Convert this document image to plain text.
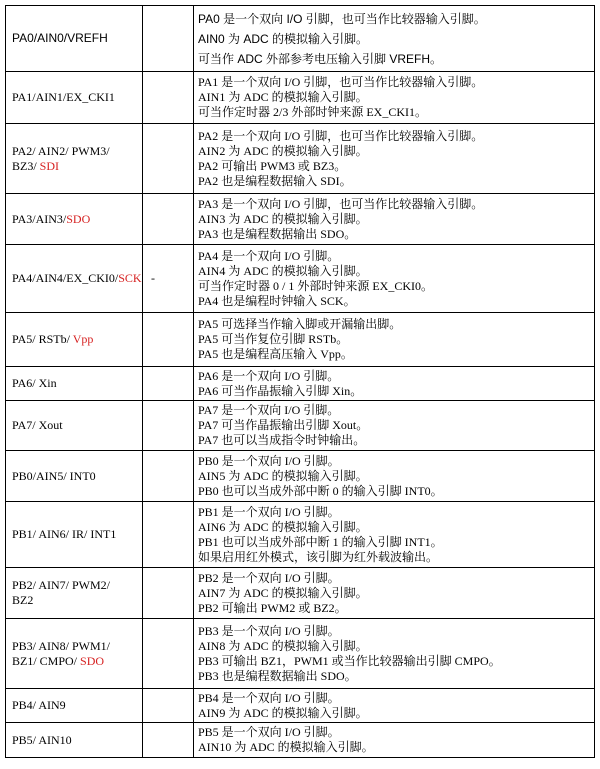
PA0/AIN0/VREFH		PA0 是一个双向 I/O 引脚，也可当作比较器输入引脚。
AIN0 为 ADC 的模拟输入引脚。
可当作 ADC 外部参考电压输入引脚 VREFH。

PA1/AIN1/EX_CKI1		PA1 是一个双向 I/O 引脚，也可当作比较器输入引脚。
AIN1 为 ADC 的模拟输入引脚。
可当作定时器 2/3 外部时钟来源 EX_CKI1。

PA2/ AIN2/ PWM3/
BZ3/ SDI		PA2 是一个双向 I/O 引脚，也可当作比较器输入引脚。
AIN2 为 ADC 的模拟输入引脚。
PA2 可输出 PWM3 或 BZ3。
PA2 也是编程数据输入 SDI。

PA3/AIN3/SDO		PA3 是一个双向 I/O 引脚，也可当作比较器输入引脚。
AIN3 为 ADC 的模拟输入引脚。
PA3 也是编程数据输出 SDO。

PA4/AIN4/EX_CKI0/SCK	-	PA4 是一个双向 I/O 引脚。
AIN4 为 ADC 的模拟输入引脚。
可当作定时器 0 / 1 外部时钟来源 EX_CKI0。
PA4 也是编程时钟输入 SCK。

PA5/ RSTb/ Vpp		PA5 可选择当作输入脚或开漏输出脚。
PA5 可当作复位引脚 RSTb。
PA5 也是编程高压输入 Vpp。

PA6/ Xin		PA6 是一个双向 I/O 引脚。
PA6 可当作晶振输入引脚 Xin。

PA7/ Xout		PA7 是一个双向 I/O 引脚。
PA7 可当作晶振输出引脚 Xout。
PA7 也可以当成指令时钟输出。

PB0/AIN5/ INT0		PB0 是一个双向 I/O 引脚。
AIN5 为 ADC 的模拟输入引脚。
PB0 也可以当成外部中断 0 的输入引脚 INT0。

PB1/ AIN6/ IR/ INT1		PB1 是一个双向 I/O 引脚。
AIN6 为 ADC 的模拟输入引脚。
PB1 也可以当成外部中断 1 的输入引脚 INT1。
如果启用红外模式，该引脚为红外载波输出。

PB2/ AIN7/ PWM2/
BZ2		PB2 是一个双向 I/O 引脚。
AIN7 为 ADC 的模拟输入引脚。
PB2 可输出 PWM2 或 BZ2。

PB3/ AIN8/ PWM1/
BZ1/ CMPO/ SDO		PB3 是一个双向 I/O 引脚。
AIN8 为 ADC 的模拟输入引脚。
PB3 可输出 BZ1，PWM1 或当作比较器输出引脚 CMPO。
PB3 也是编程数据输出 SDO。

PB4/ AIN9		PB4 是一个双向 I/O 引脚。
AIN9 为 ADC 的模拟输入引脚。

PB5/ AIN10		PB5 是一个双向 I/O 引脚。
AIN10 为 ADC 的模拟输入引脚。
